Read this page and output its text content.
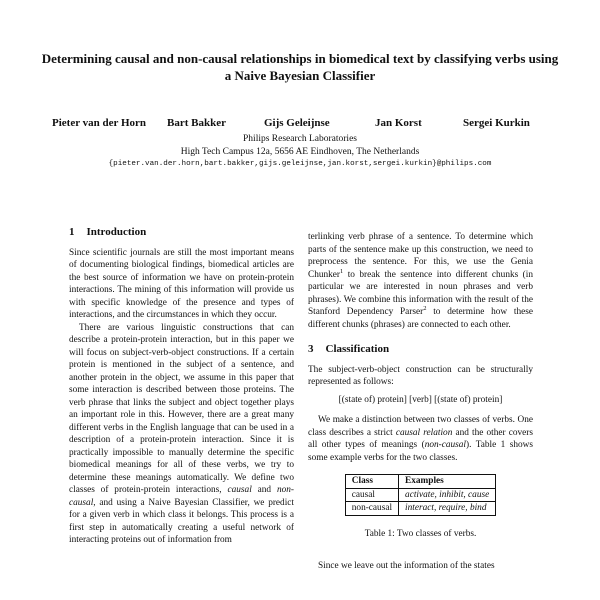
Determining causal and non-causal relationships in biomedical text by classifying verbs using a Naive Bayesian Classifier
Pieter van der Horn Bart Bakker	Gijs Geleijnse	Jan Korst	Sergei Kurkin
Philips Research Laboratories
High Tech Campus 12a, 5656 AE Eindhoven, The Netherlands
{pieter.van.der.horn,bart.bakker,gijs.geleijnse,jan.korst,sergei.kurkin}@philips.com
1 Introduction

Since scientific journals are still the most important means of documenting biological findings, biomedical articles are the best source of information we have on protein-protein interactions. The mining of this information will provide us with specific knowledge of the presence and types of interactions, and the circumstances in which they occur.

There are various linguistic constructions that can describe a protein-protein interaction, but in this paper we will focus on subject-verb-object constructions. If a certain protein is mentioned in the subject of a sentence, and another protein in the object, we assume in this paper that some interaction is described between those proteins. The verb phrase that links the subject and object together plays an important role in this. However, there are a great many different verbs in the English language that can be used in a description of a protein-protein interaction. Since it is practically impossible to manually determine the specific biomedical meanings for all of these verbs, we try to determine these meanings automatically. We define two classes of protein-protein interactions, causal and non-causal, and using a Naive Bayesian Classifier, we predict for a given verb in which class it belongs. This process is a first step in automatically creating a useful network of interacting proteins out of information from

terlinking verb phrase of a sentence. To determine which parts of the sentence make up this construction, we need to preprocess the sentence. For this, we use the Genia Chunker$^1$ to break the sentence into different chunks (in particular we are interested in noun phrases and verb phrases). We combine this information with the result of the Stanford Dependency Parser$^2$ to determine how these different chunks (phrases) are connected to each other.

3 Classification

The subject-verb-object construction can be structurally represented as follows:

[(state of) protein] [verb] [(state of) protein]

We make a distinction between two classes of verbs. One class describes a strict causal relation and the other covers all other types of meanings (non-causal). Table 1 shows some example verbs for the two classes.

Class	Examples
causal	activate, inhibit, cause
non-causal	interact, require, bind
Table 1: Two classes of verbs.

Since we leave out the information of the states
